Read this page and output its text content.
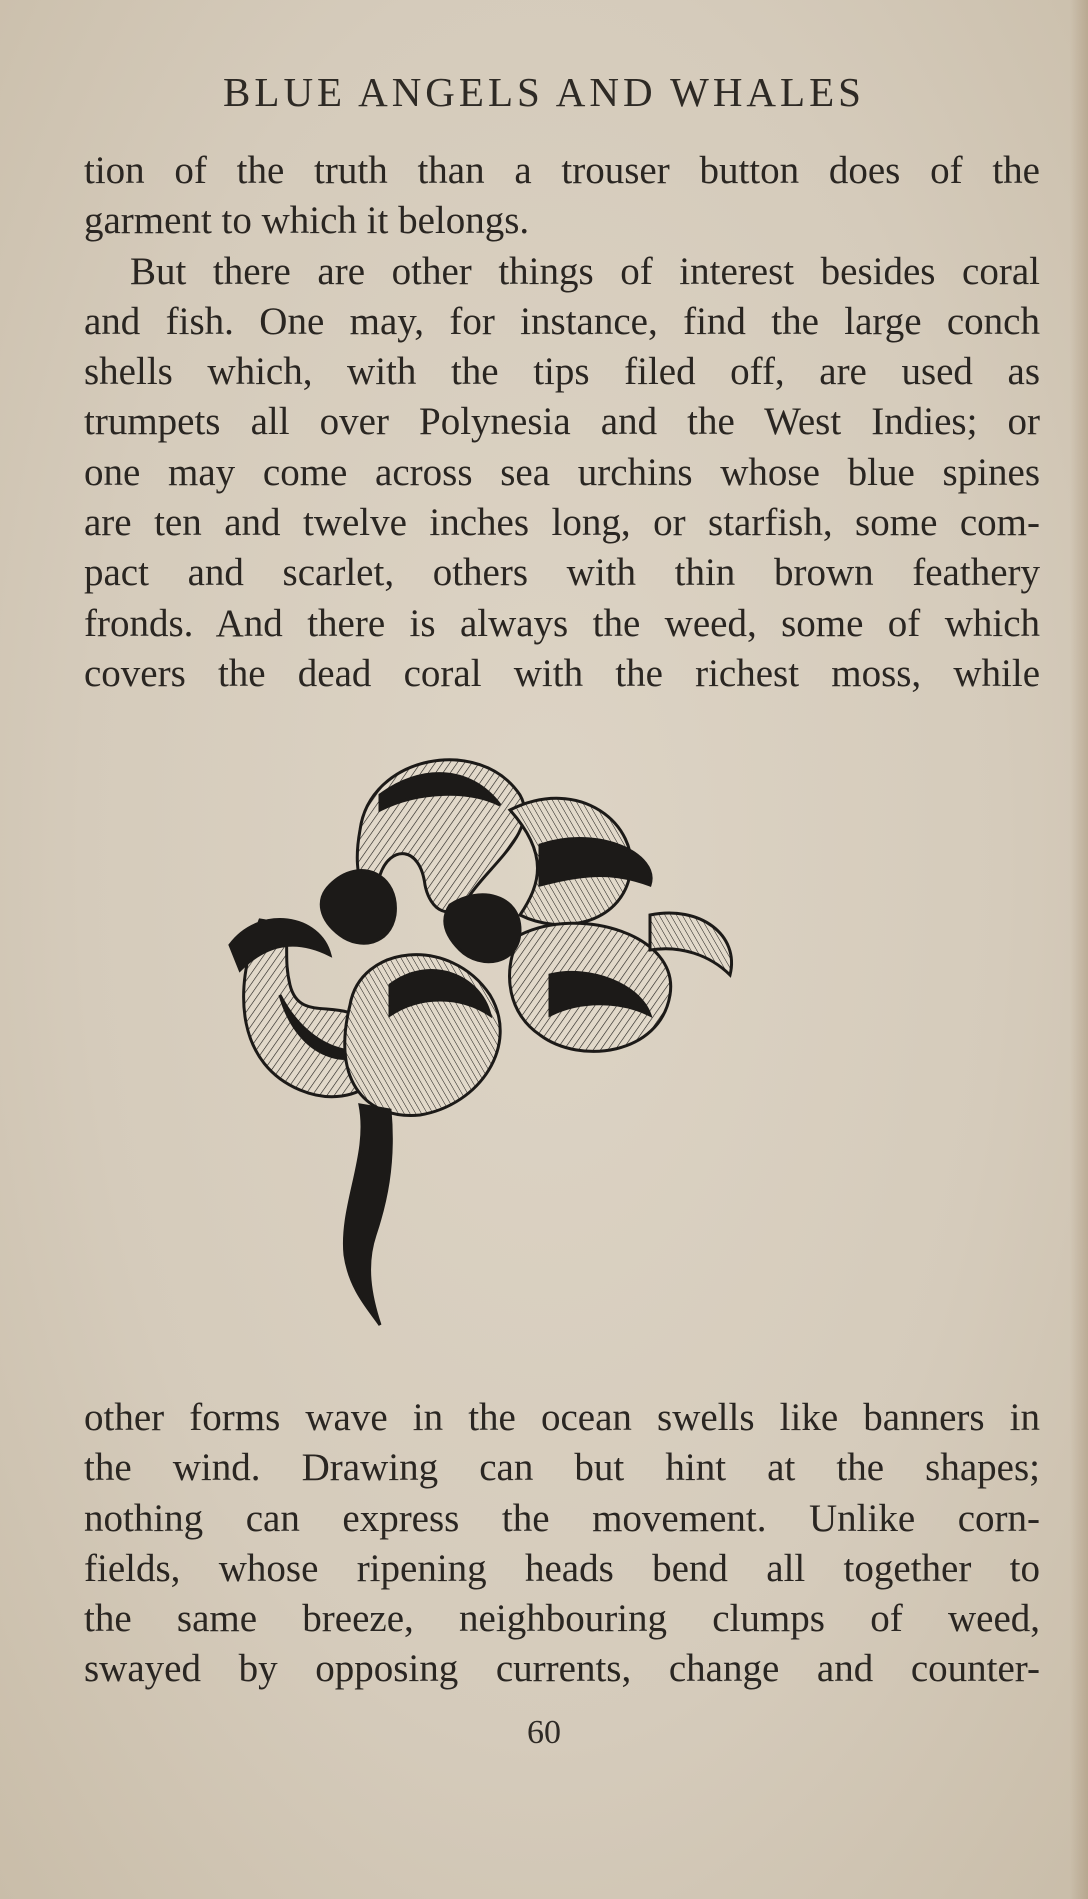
BLUE ANGELS AND WHALES
tion of the truth than a trouser button does of the
garment to which it belongs.
But there are other things of interest besides coral
and fish. One may, for instance, find the large conch
shells which, with the tips filed off, are used as
trumpets all over Polynesia and the West Indies; or
one may come across sea urchins whose blue spines
are ten and twelve inches long, or starfish, some com-
pact and scarlet, others with thin brown feathery
fronds. And there is always the weed, some of which
covers the dead coral with the richest moss, while
other forms wave in the ocean swells like banners in
the wind. Drawing can but hint at the shapes;
nothing can express the movement. Unlike corn-
fields, whose ripening heads bend all together to
the same breeze, neighbouring clumps of weed,
swayed by opposing currents, change and counter-
60
